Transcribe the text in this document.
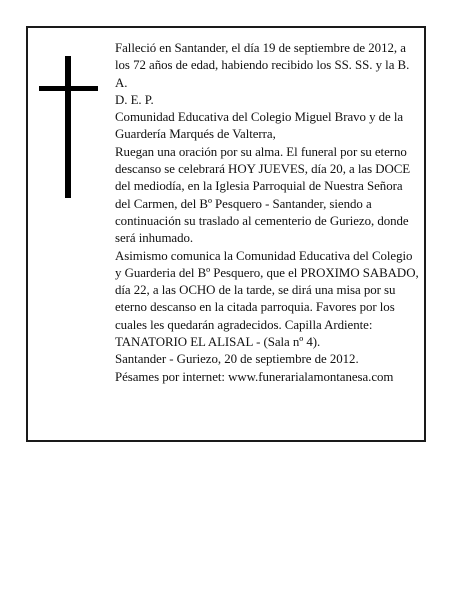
Falleció en Santander, el día 19 de septiembre de 2012, a los 72 años de edad, habiendo recibido los SS. SS. y la B. A.

D. E. P.

Comunidad Educativa del Colegio Miguel Bravo y de la Guardería Marqués de Valterra,

Ruegan una oración por su alma. El funeral por su eterno descanso se celebrará HOY JUEVES, día 20, a las DOCE del mediodía, en la Iglesia Parroquial de Nuestra Señora del Carmen, del Bº Pesquero - Santander, siendo a continuación su traslado al cementerio de Guriezo, donde será inhumado.

Asimismo comunica la Comunidad Educativa del Colegio y Guarderia del Bº Pesquero, que el PROXIMO SABADO, día 22, a las OCHO de la tarde, se dirá una misa por su eterno descanso en la citada parroquia. Favores por los cuales les quedarán agradecidos. Capilla Ardiente: TANATORIO EL ALISAL - (Sala nº 4).

Santander - Guriezo, 20 de septiembre de 2012.

Pésames por internet: www.funerarialamontanesa.com
